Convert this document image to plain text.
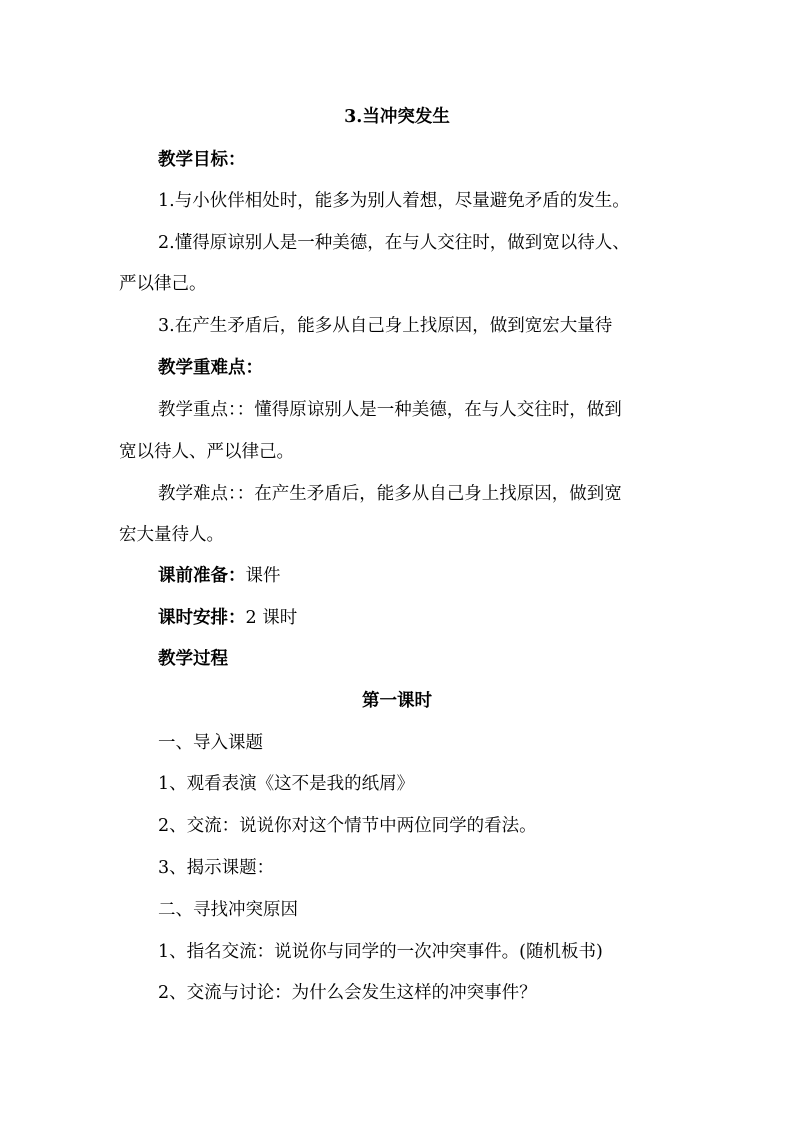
3.当冲突发生
教学目标：
1.与小伙伴相处时，能多为别人着想，尽量避免矛盾的发生。
2.懂得原谅别人是一种美德，在与人交往时，做到宽以待人、
严以律己。
3.在产生矛盾后，能多从自己身上找原因，做到宽宏大量待
教学重难点：
教学重点：：懂得原谅别人是一种美德，在与人交往时，做到
宽以待人、严以律己。
教学难点：：在产生矛盾后，能多从自己身上找原因，做到宽
宏大量待人。
课前准备：课件
课时安排：2 课时
教学过程
第一课时
一、导入课题
1、观看表演《这不是我的纸屑》
2、交流：说说你对这个情节中两位同学的看法。
3、揭示课题：
二、寻找冲突原因
1、指名交流：说说你与同学的一次冲突事件。(随机板书)
2、交流与讨论：为什么会发生这样的冲突事件？
